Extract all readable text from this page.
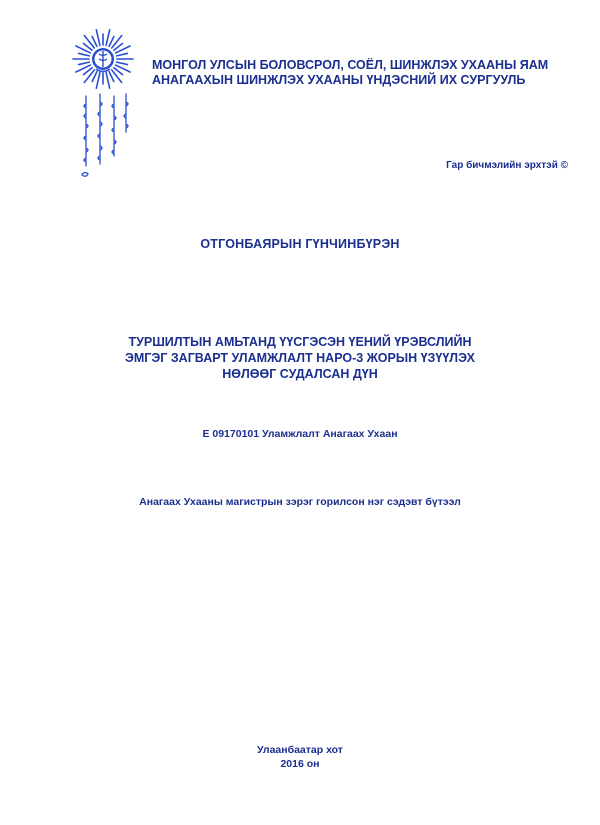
МОНГОЛ УЛСЫН БОЛОВСРОЛ, СОЁЛ, ШИНЖЛЭХ УХААНЫ ЯАМ
АНАГААХЫН ШИНЖЛЭХ УХААНЫ ҮНДЭСНИЙ ИХ СУРГУУЛЬ
Гар бичмэлийн эрхтэй ©
ОТГОНБАЯРЫН ГҮНЧИНБҮРЭН
ТУРШИЛТЫН АМЬТАНД ҮҮСГЭСЭН ҮЕНИЙ ҮРЭВСЛИЙН
ЭМГЭГ ЗАГВАРТ УЛАМЖЛАЛТ НАРО-3 ЖОРЫН ҮЗҮҮЛЭХ
НӨЛӨӨГ СУДАЛСАН ДҮН
Е 09170101 Уламжлалт Анагаах Ухаан
Анагаах Ухааны магистрын зэрэг горилсон нэг сэдэвт бүтээл
Улаанбаатар хот
2016 он
